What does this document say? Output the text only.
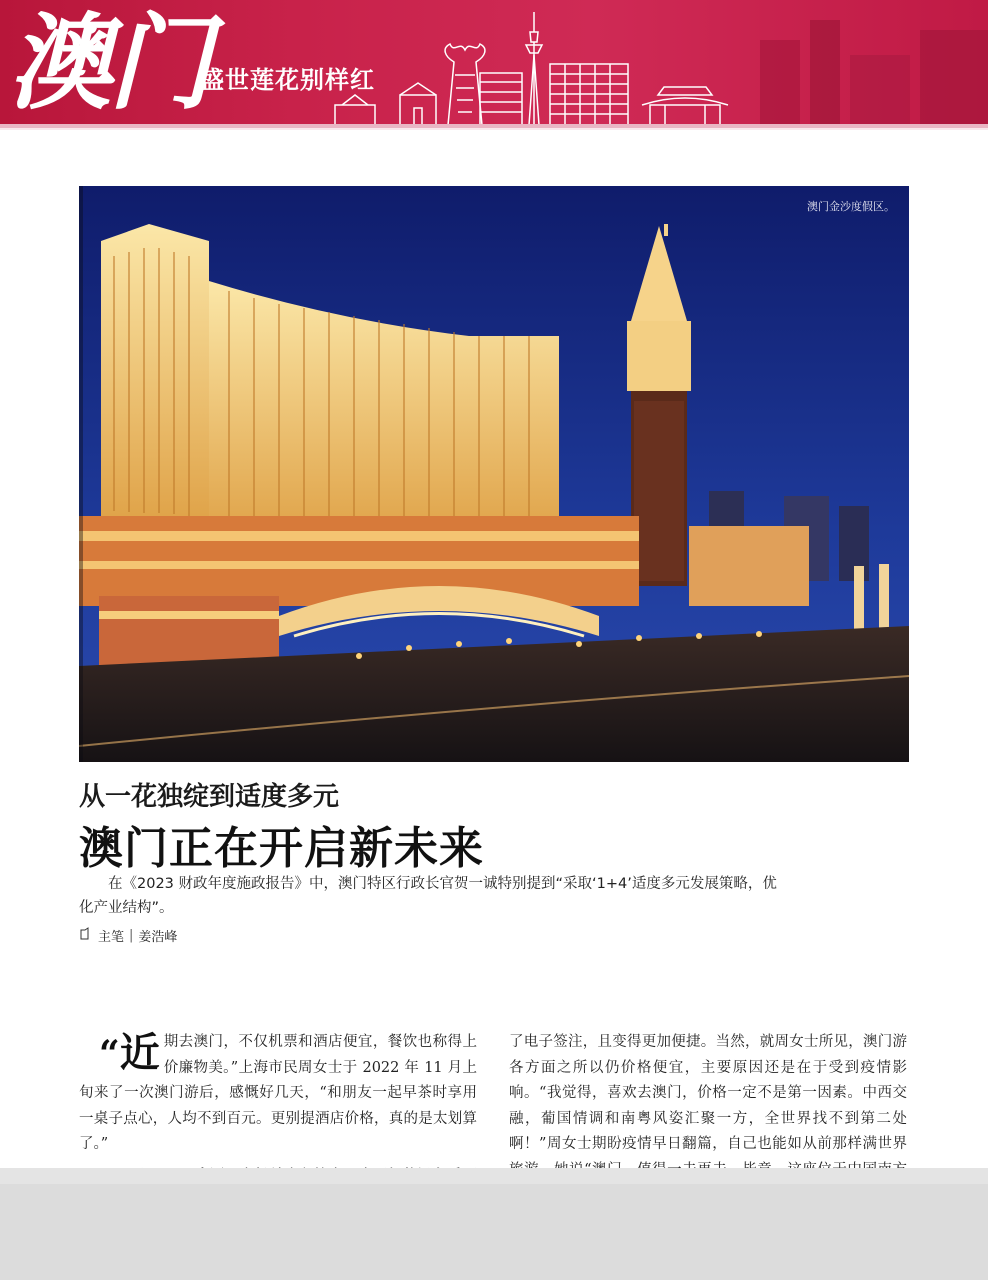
澳门
盛世莲花别样红
澳门金沙度假区。
从一花独绽到适度多元
澳门正在开启新未来
在《2023 财政年度施政报告》中，澳门特区行政长官贺一诚特别提到“采取‘1+4’适度多元发展策略，优化产业结构”。
主笔 | 姜浩峰

“近 期去澳门，不仅机票和酒店便宜，餐饮也称得上价廉物美。”上海市民周女士于 2022 年 11 月上旬来了一次澳门游后，感慨好几天，“和朋友一起早茶时享用一桌子点心，人均不到百元。更别提酒店价格，真的是太划算了。”

了电子签注，且变得更加便捷。当然，就周女士所见，澳门游各方面之所以仍价格便宜，主要原因还是在于受到疫情影响。“我觉得，喜欢去澳门，价格一定不是第一因素。中西交融，葡国情调和南粤风姿汇聚一方，全世界找不到第二处啊！”周女士期盼疫情早日翻篇，自己也能如从前那样满世界
